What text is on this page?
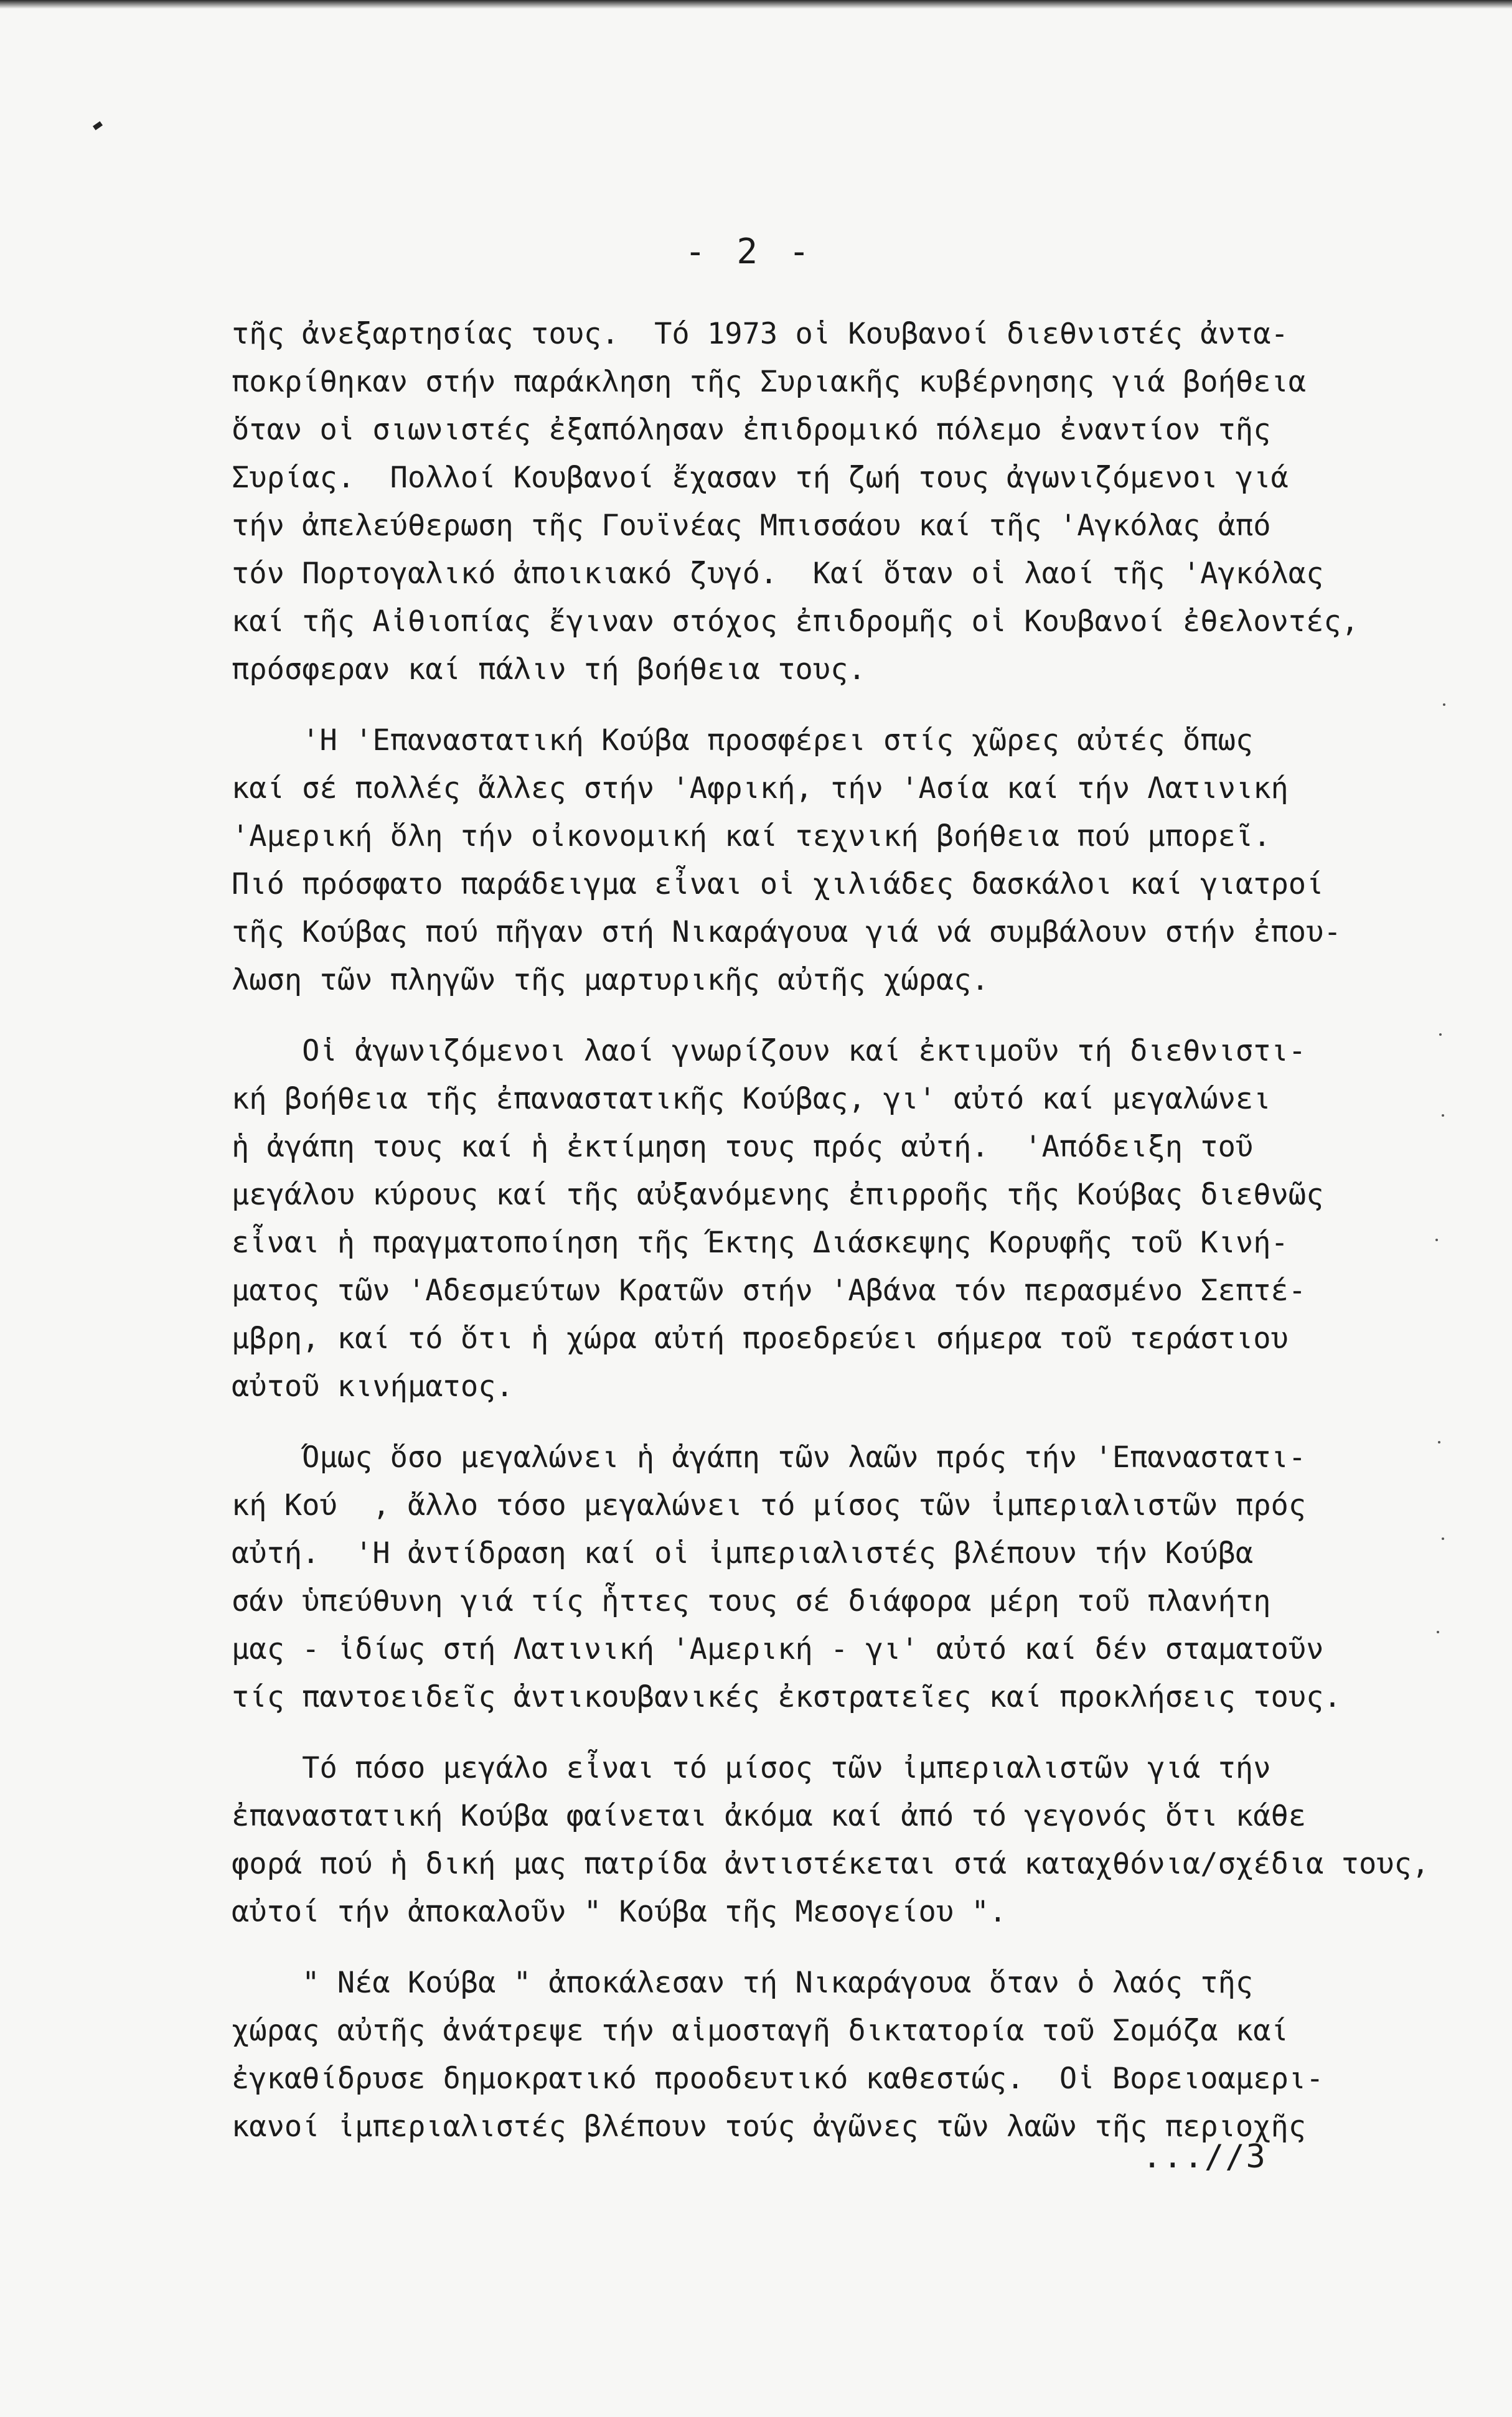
- 2 -
τῆς ἀνεξαρτησίας τους.  Τό 1973 οἱ Κουβανοί διεθνιστές ἀντα-
ποκρίθηκαν στήν παράκληση τῆς Συριακῆς κυβέρνησης γιά βοήθεια
ὅταν οἱ σιωνιστές ἐξαπόλησαν ἐπιδρομικό πόλεμο ἐναντίον τῆς
Συρίας.  Πολλοί Κουβανοί ἔχασαν τή ζωή τους ἀγωνιζόμενοι γιά
τήν ἀπελεύθερωση τῆς Γουϊνέας Μπισσάου καί τῆς 'Αγκόλας ἀπό
τόν Πορτογαλικό ἀποικιακό ζυγό.  Καί ὅταν οἱ λαοί τῆς 'Αγκόλας
καί τῆς Αἰθιοπίας ἔγιναν στόχος ἐπιδρομῆς οἱ Κουβανοί ἐθελοντές,
πρόσφεραν καί πάλιν τή βοήθεια τους.
'Η 'Επαναστατική Κούβα προσφέρει στίς χῶρες αὐτές ὅπως
καί σέ πολλές ἄλλες στήν 'Αφρική, τήν 'Ασία καί τήν Λατινική
'Αμερική ὅλη τήν οἰκονομική καί τεχνική βοήθεια πού μπορεῖ.
Πιό πρόσφατο παράδειγμα εἶναι οἱ χιλιάδες δασκάλοι καί γιατροί
τῆς Κούβας πού πῆγαν στή Νικαράγουα γιά νά συμβάλουν στήν ἐπου-
λωση τῶν πληγῶν τῆς μαρτυρικῆς αὐτῆς χώρας.
Οἱ ἀγωνιζόμενοι λαοί γνωρίζουν καί ἐκτιμοῦν τή διεθνιστι-
κή βοήθεια τῆς ἐπαναστατικῆς Κούβας, γι' αὐτό καί μεγαλώνει
ἡ ἀγάπη τους καί ἡ ἐκτίμηση τους πρός αὐτή.  'Απόδειξη τοῦ
μεγάλου κύρους καί τῆς αὐξανόμενης ἐπιρροῆς τῆς Κούβας διεθνῶς
εἶναι ἡ πραγματοποίηση τῆς Έκτης Διάσκεψης Κορυφῆς τοῦ Κινή-
ματος τῶν 'Αδεσμεύτων Κρατῶν στήν 'Αβάνα τόν περασμένο Σεπτέ-
μβρη, καί τό ὅτι ἡ χώρα αὐτή προεδρεύει σήμερα τοῦ τεράστιου
αὐτοῦ κινήματος.
Όμως ὅσο μεγαλώνει ἡ ἀγάπη τῶν λαῶν πρός τήν 'Επαναστατι-
κή Κού  , ἄλλο τόσο μεγαλώνει τό μίσος τῶν ἰμπεριαλιστῶν πρός
αὐτή.  'Η ἀντίδραση καί οἱ ἰμπεριαλιστές βλέπουν τήν Κούβα
σάν ὑπεύθυνη γιά τίς ἧττες τους σέ διάφορα μέρη τοῦ πλανήτη
μας - ἰδίως στή Λατινική 'Αμερική - γι' αὐτό καί δέν σταματοῦν
τίς παντοειδεῖς ἀντικουβανικές ἐκστρατεῖες καί προκλήσεις τους.
Τό πόσο μεγάλο εἶναι τό μίσος τῶν ἰμπεριαλιστῶν γιά τήν
ἐπαναστατική Κούβα φαίνεται ἀκόμα καί ἀπό τό γεγονός ὅτι κάθε
φορά πού ἡ δική μας πατρίδα ἀντιστέκεται στά καταχθόνια/σχέδια τους,
αὐτοί τήν ἀποκαλοῦν " Κούβα τῆς Μεσογείου ".
" Νέα Κούβα " ἀποκάλεσαν τή Νικαράγουα ὅταν ὁ λαός τῆς
χώρας αὐτῆς ἀνάτρεψε τήν αἱμοσταγῆ δικτατορία τοῦ Σομόζα καί
ἐγκαθίδρυσε δημοκρατικό προοδευτικό καθεστώς.  Οἱ Βορειοαμερι-
κανοί ἰμπεριαλιστές βλέπουν τούς ἀγῶνες τῶν λαῶν τῆς περιοχῆς
...//3
